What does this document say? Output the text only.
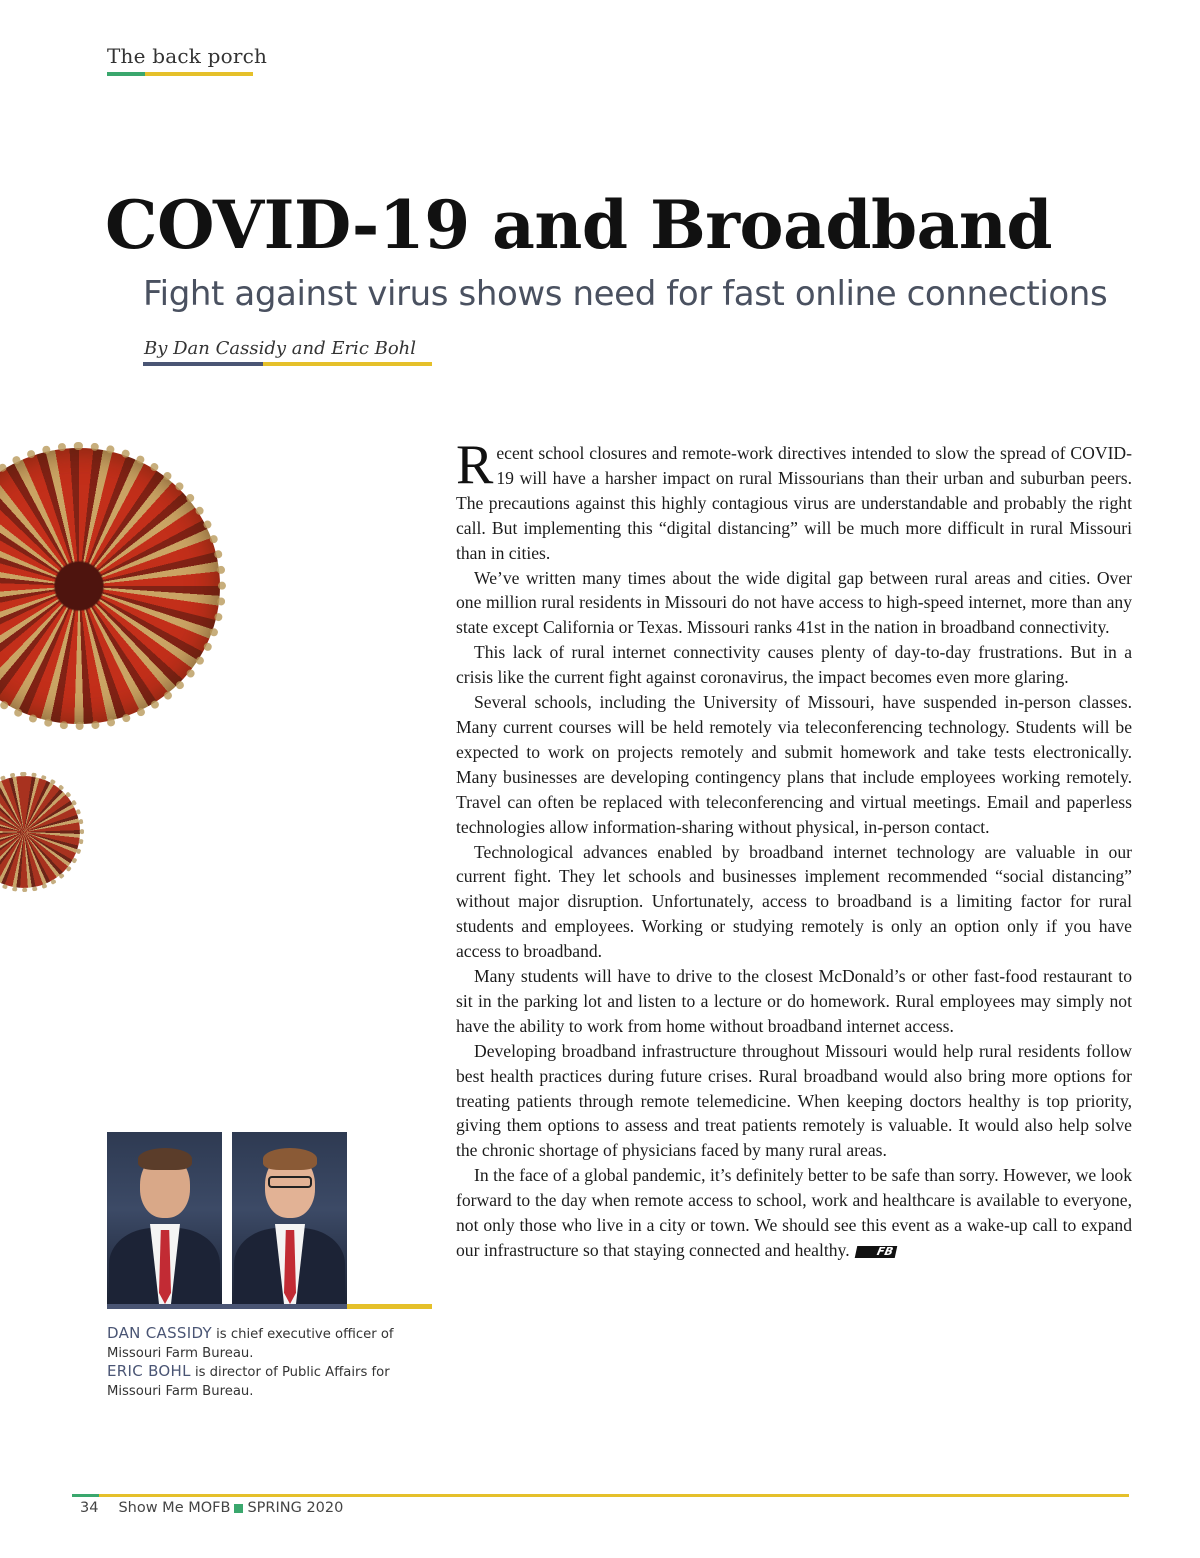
The back porch
COVID-19 and Broadband
Fight against virus shows need for fast online connections
By Dan Cassidy and Eric Bohl

Recent school closures and remote-work directives intended to slow the spread of COVID-19 will have a harsher impact on rural Missourians than their urban and suburban peers. The precautions against this highly contagious virus are understandable and probably the right call. But implementing this “digital distancing” will be much more difficult in rural Missouri than in cities.

We’ve written many times about the wide digital gap between rural areas and cities. Over one million rural residents in Missouri do not have access to high-speed internet, more than any state except California or Texas. Missouri ranks 41st in the nation in broadband connectivity.

This lack of rural internet connectivity causes plenty of day-to-day frustrations. But in a crisis like the current fight against coronavirus, the impact becomes even more glaring.

Several schools, including the University of Missouri, have suspended in-person classes. Many current courses will be held remotely via teleconferencing technology. Students will be expected to work on projects remotely and submit homework and take tests electronically. Many businesses are developing contingency plans that include employees working remotely. Travel can often be replaced with teleconferencing and virtual meetings. Email and paperless technologies allow information-sharing without physical, in-person contact.

Technological advances enabled by broadband internet technology are valuable in our current fight. They let schools and businesses implement recommended “social distancing” without major disruption. Unfortunately, access to broadband is a limiting factor for rural students and employees. Working or studying remotely is only an option only if you have access to broadband.

Many students will have to drive to the closest McDonald’s or other fast-food restaurant to sit in the parking lot and listen to a lecture or do homework. Rural employees may simply not have the ability to work from home without broadband internet access.

Developing broadband infrastructure throughout Missouri would help rural residents follow best health practices during future crises. Rural broadband would also bring more options for treating patients through remote telemedicine. When keeping doctors healthy is top priority, giving them options to assess and treat patients remotely is valuable. It would also help solve the chronic shortage of physicians faced by many rural areas.

In the face of a global pandemic, it’s definitely better to be safe than sorry. However, we look forward to the day when remote access to school, work and healthcare is available to everyone, not only those who live in a city or town. We should see this event as a wake-up call to expand our infrastructure so that staying connected and healthy. FB

DAN CASSIDY is chief executive officer of Missouri Farm Bureau.
ERIC BOHL is director of Public Affairs for Missouri Farm Bureau.
34 Show Me MOFB SPRING 2020
